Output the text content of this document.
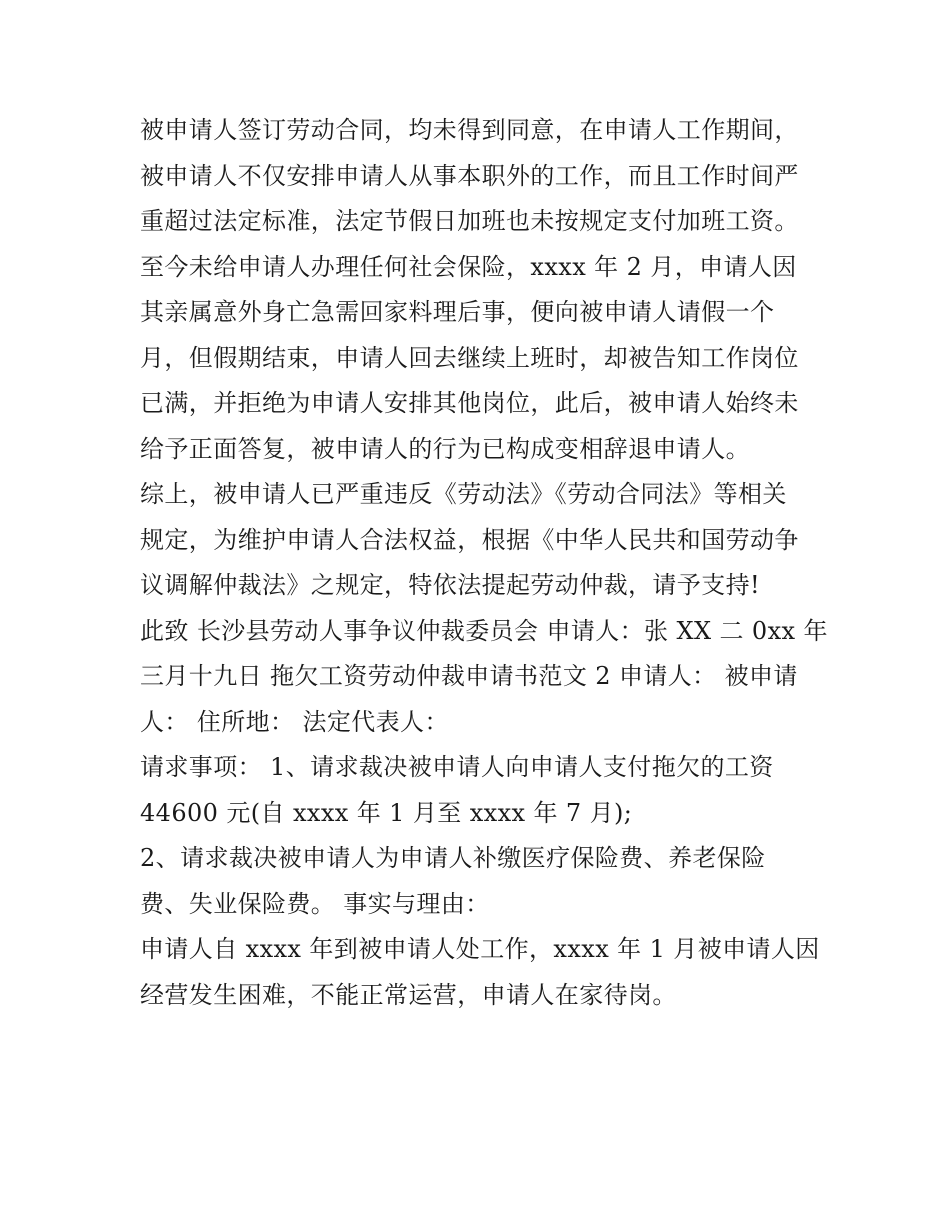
被申请人签订劳动合同，均未得到同意，在申请人工作期间，
被申请人不仅安排申请人从事本职外的工作，而且工作时间严
重超过法定标准，法定节假日加班也未按规定支付加班工资。
至今未给申请人办理任何社会保险，xxxx 年 2 月，申请人因
其亲属意外身亡急需回家料理后事，便向被申请人请假一个
月，但假期结束，申请人回去继续上班时，却被告知工作岗位
已满，并拒绝为申请人安排其他岗位，此后，被申请人始终未
给予正面答复，被申请人的行为已构成变相辞退申请人。
综上，被申请人已严重违反《劳动法》《劳动合同法》等相关
规定，为维护申请人合法权益，根据《中华人民共和国劳动争
议调解仲裁法》之规定，特依法提起劳动仲裁，请予支持!
此致 长沙县劳动人事争议仲裁委员会 申请人：张 XX 二 0xx 年
三月十九日 拖欠工资劳动仲裁申请书范文 2 申请人： 被申请
人： 住所地： 法定代表人：
请求事项： 1、请求裁决被申请人向申请人支付拖欠的工资
44600 元(自 xxxx 年 1 月至 xxxx 年 7 月);
2、请求裁决被申请人为申请人补缴医疗保险费、养老保险
费、失业保险费。 事实与理由：
申请人自 xxxx 年到被申请人处工作，xxxx 年 1 月被申请人因
经营发生困难，不能正常运营，申请人在家待岗。
